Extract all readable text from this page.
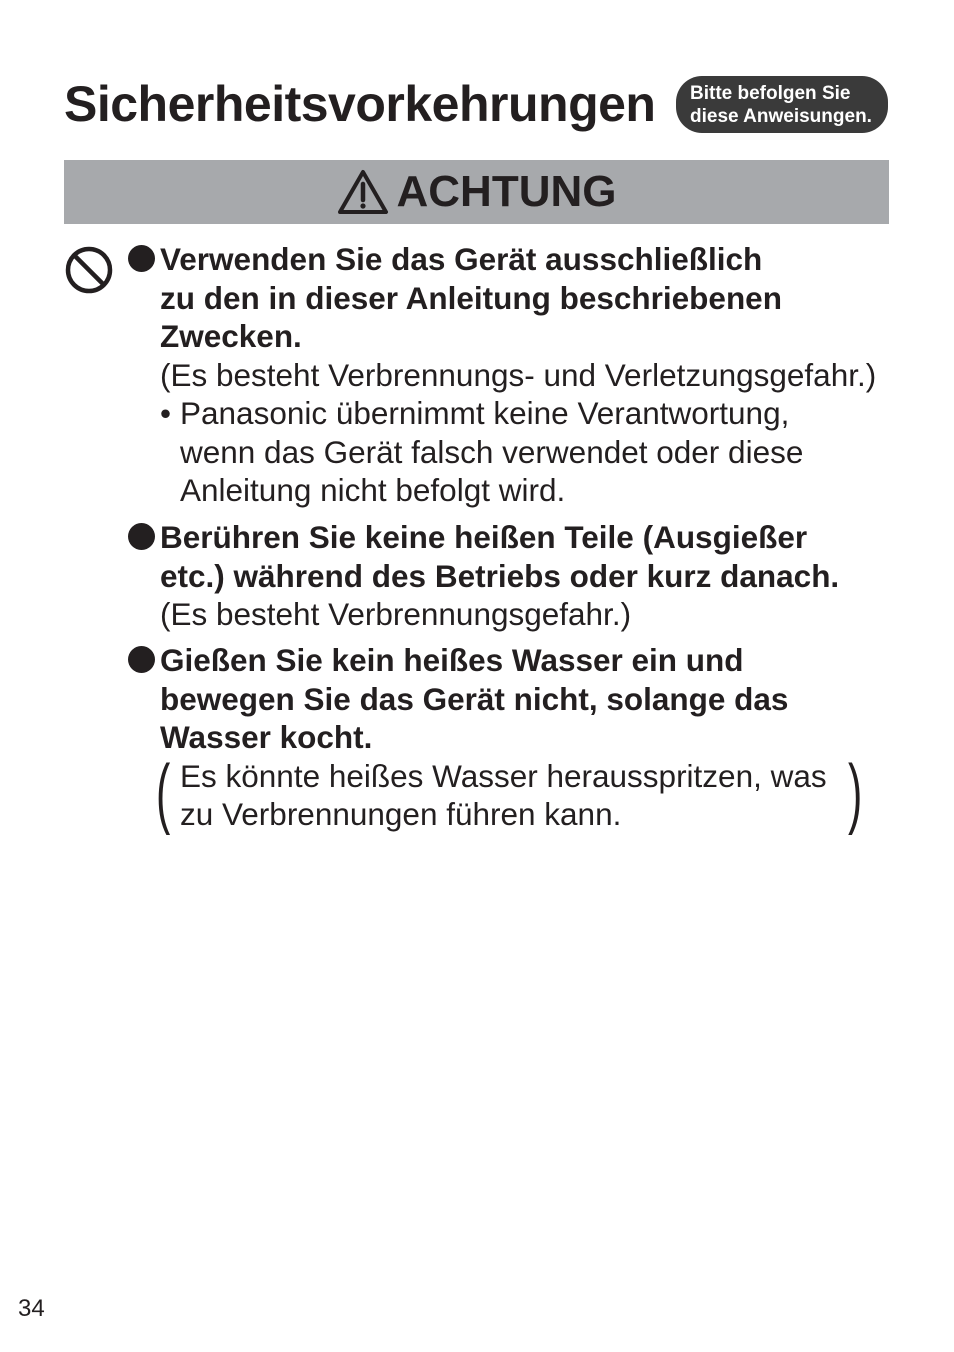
Sicherheitsvorkehrungen Bitte befolgen Sie
diese Anweisungen.
ACHTUNG
Verwenden Sie das Gerät ausschließlich
zu den in dieser Anleitung beschriebenen
Zwecken.
(Es besteht Verbrennungs- und Verletzungsgefahr.)
• Panasonic übernimmt keine Verantwortung,
wenn das Gerät falsch verwendet oder diese
Anleitung nicht befolgt wird.
Berühren Sie keine heißen Teile (Ausgießer
etc.) während des Betriebs oder kurz danach.
(Es besteht Verbrennungsgefahr.)
Gießen Sie kein heißes Wasser ein und
bewegen Sie das Gerät nicht, solange das
Wasser kocht.
( Es könnte heißes Wasser herausspritzen, was
zu Verbrennungen führen kann.	)
34
